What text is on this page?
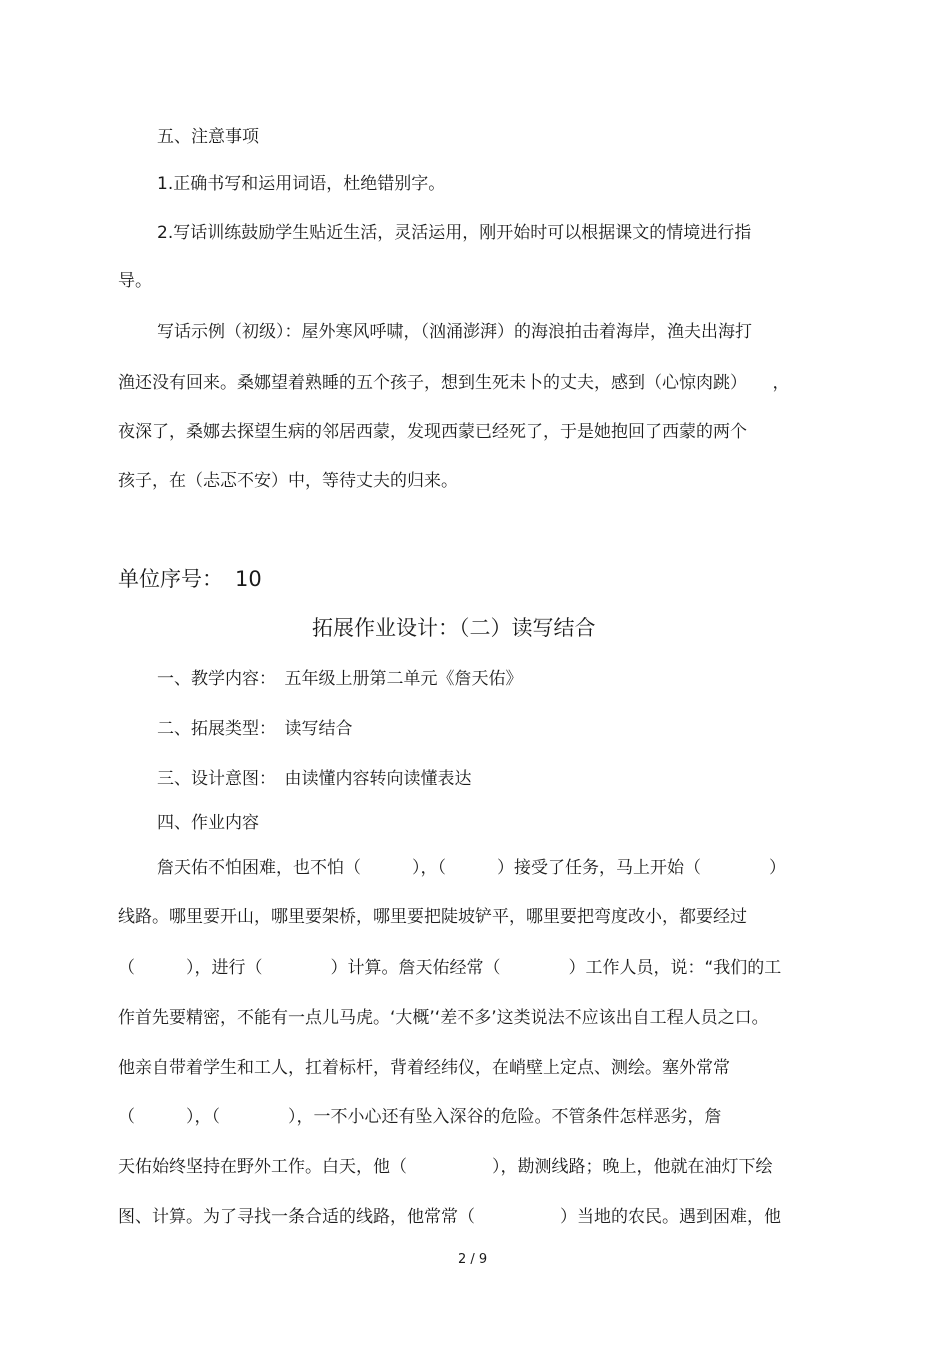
五、注意事项
1.正确书写和运用词语，杜绝错别字。
2.写话训练鼓励学生贴近生活，灵活运用，刚开始时可以根据课文的情境进行指
导。
写话示例（初级）：屋外寒风呼啸，（汹涌澎湃）的海浪拍击着海岸，渔夫出海打
渔还没有回来。桑娜望着熟睡的五个孩子，想到生死未卜的丈夫，感到（心惊肉跳）　　，
夜深了，桑娜去探望生病的邻居西蒙，发现西蒙已经死了，于是她抱回了西蒙的两个
孩子，在（忐忑不安）中，等待丈夫的归来。
单位序号： 10
拓展作业设计：（二）读写结合
一、教学内容：　五年级上册第二单元《詹天佑》
二、拓展类型：　读写结合
三、设计意图：　由读懂内容转向读懂表达
四、作业内容
詹天佑不怕困难，也不怕（　　　），（　　　）接受了任务，马上开始（　　　　）
线路。哪里要开山，哪里要架桥，哪里要把陡坡铲平，哪里要把弯度改小，都要经过
（　　　），进行（　　　　）计算。詹天佑经常（　　　　）工作人员，说：“我们的工
作首先要精密，不能有一点儿马虎。‘大概’‘差不多’这类说法不应该出自工程人员之口。
他亲自带着学生和工人，扛着标杆，背着经纬仪，在峭壁上定点、测绘。塞外常常
（　　　），（　　　　），一不小心还有坠入深谷的危险。不管条件怎样恶劣，詹
天佑始终坚持在野外工作。白天，他（　　　　　），勘测线路；晚上，他就在油灯下绘
图、计算。为了寻找一条合适的线路，他常常（　　　　　）当地的农民。遇到困难，他
2 / 9
